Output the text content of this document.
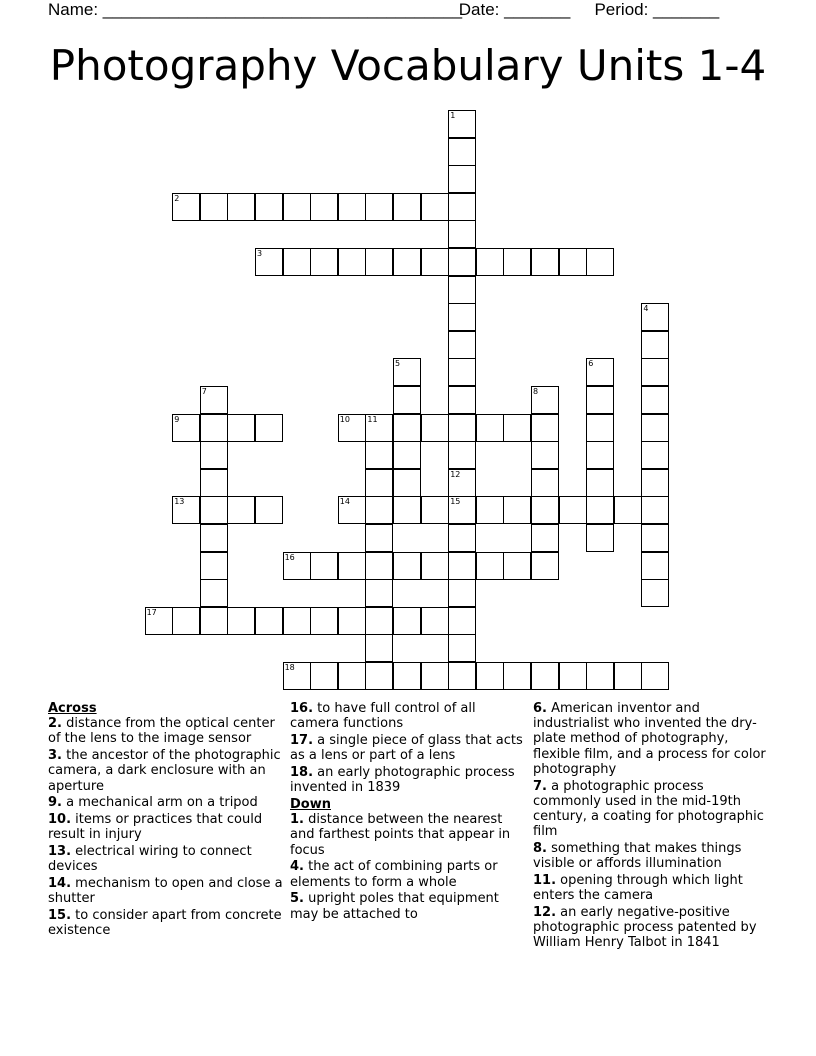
Name: ______________________________________ Date: _______ Period: _______
Photography Vocabulary Units 1-4
1
12
15
2
3
4
5	6
7	8
9	10 11
13	14
16
17
18
Across
2. distance from the optical center of the lens to the image sensor
3. the ancestor of the photographic camera, a dark enclosure with an aperture
9. a mechanical arm on a tripod
10. items or practices that could result in injury
13. electrical wiring to connect devices
14. mechanism to open and close a shutter
15. to consider apart from concrete existence
16. to have full control of all camera functions
17. a single piece of glass that acts as a lens or part of a lens
18. an early photographic process invented in 1839
Down
1. distance between the nearest and farthest points that appear in focus
4. the act of combining parts or elements to form a whole
5. upright poles that equipment may be attached to
6. American inventor and industrialist who invented the dry-plate method of photography, flexible film, and a process for color photography
7. a photographic process commonly used in the mid-19th century, a coating for photographic film
8. something that makes things visible or affords illumination
11. opening through which light enters the camera
12. an early negative-positive photographic process patented by William Henry Talbot in 1841
